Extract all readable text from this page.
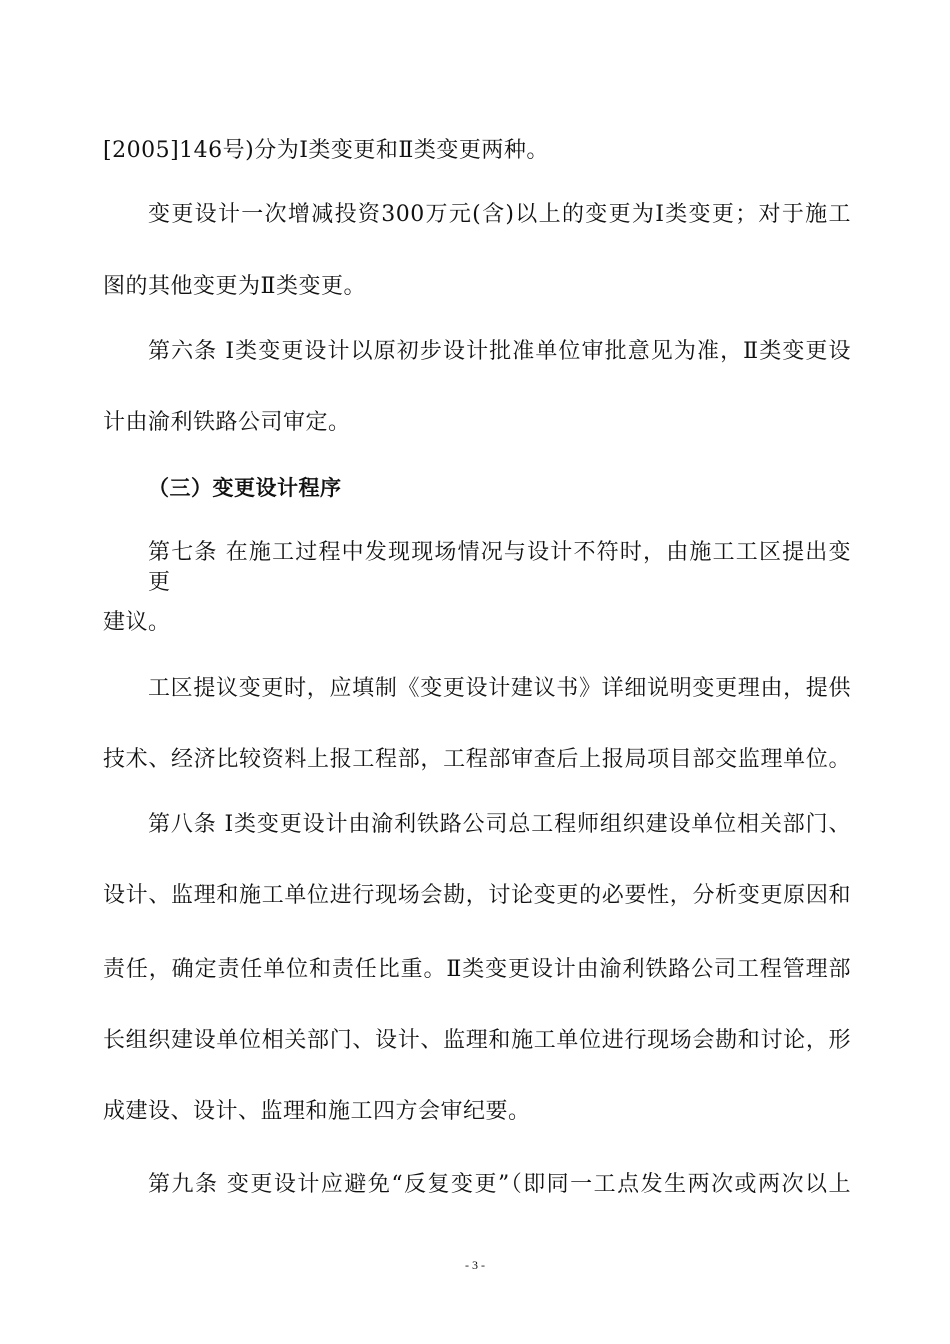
[2005]146号)分为Ⅰ类变更和Ⅱ类变更两种。
变更设计一次增减投资300万元(含)以上的变更为Ⅰ类变更；对于施工
图的其他变更为Ⅱ类变更。
第六条 Ⅰ类变更设计以原初步设计批准单位审批意见为准，Ⅱ类变更设
计由渝利铁路公司审定。
（三）变更设计程序
第七条 在施工过程中发现现场情况与设计不符时，由施工工区提出变更
建议。
工区提议变更时，应填制《变更设计建议书》详细说明变更理由，提供
技术、经济比较资料上报工程部，工程部审查后上报局项目部交监理单位。
第八条 Ⅰ类变更设计由渝利铁路公司总工程师组织建设单位相关部门、
设计、监理和施工单位进行现场会勘，讨论变更的必要性，分析变更原因和
责任，确定责任单位和责任比重。Ⅱ类变更设计由渝利铁路公司工程管理部
长组织建设单位相关部门、设计、监理和施工单位进行现场会勘和讨论，形
成建设、设计、监理和施工四方会审纪要。
第九条 变更设计应避免“反复变更”（即同一工点发生两次或两次以上
- 3 -
